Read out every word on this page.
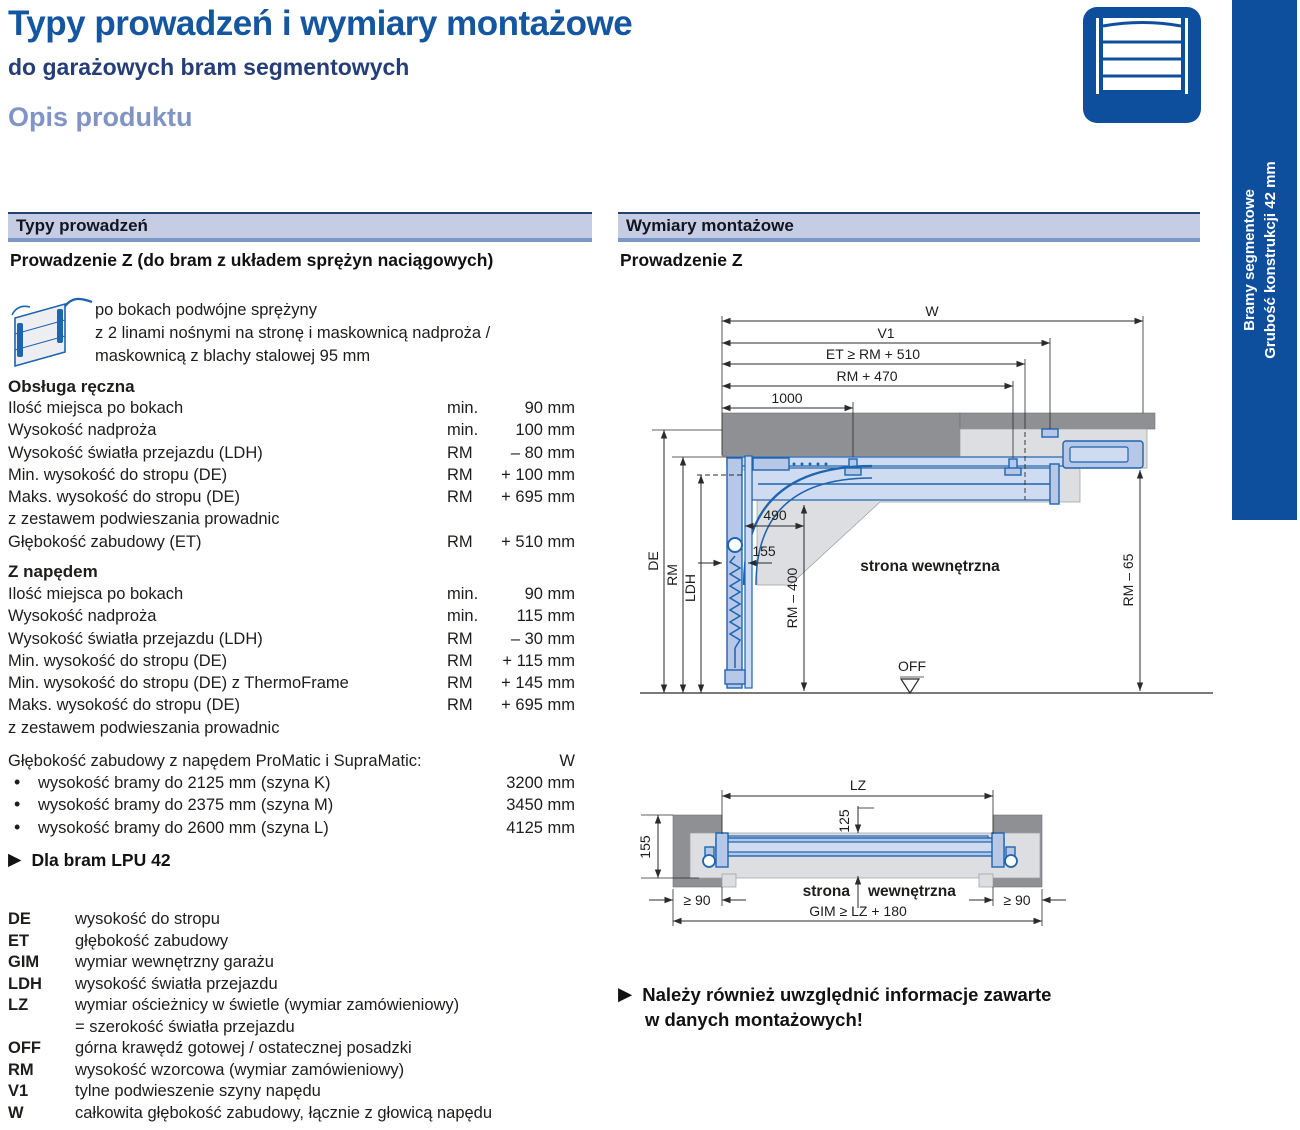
Typy prowadzeń i wymiary montażowe
do garażowych bram segmentowych
Opis produktu
Bramy segmentowe Grubość konstrukcji 42 mm
Typy prowadzeń
Prowadzenie Z (do bram z układem sprężyn naciągowych)
po bokach podwójne sprężyny
z 2 linami nośnymi na stronę i maskownicą nadproża /
maskownicą z blachy stalowej 95 mm
Obsługa ręczna
Ilość miejsca po bokach	min.	90 mm
Wysokość nadproża	min.	100 mm
Wysokość światła przejazdu (LDH)	RM	– 80 mm
Min. wysokość do stropu (DE)	RM	+ 100 mm
Maks. wysokość do stropu (DE)	RM	+ 695 mm
z zestawem podwieszania prowadnic
Głębokość zabudowy (ET)	RM	+ 510 mm
Z napędem
Ilość miejsca po bokach	min.	90 mm
Wysokość nadproża	min.	115 mm
Wysokość światła przejazdu (LDH)	RM	– 30 mm
Min. wysokość do stropu (DE)	RM	+ 115 mm
Min. wysokość do stropu (DE) z ThermoFrame	RM	+ 145 mm
Maks. wysokość do stropu (DE)	RM	+ 695 mm
z zestawem podwieszania prowadnic
Głębokość zabudowy z napędem ProMatic i SupraMatic:	W
• wysokość bramy do 2125 mm (szyna K)	3200 mm
• wysokość bramy do 2375 mm (szyna M)	3450 mm
• wysokość bramy do 2600 mm (szyna L)	4125 mm
▶ Dla bram LPU 42
DE	wysokość do stropu
ET	głębokość zabudowy
GIM wymiar wewnętrzny garażu
LDH wysokość światła przejazdu
LZ	wymiar ościeżnicy w świetle (wymiar zamówieniowy)
= szerokość światła przejazdu
OFF górna krawędź gotowej / ostatecznej posadzki
RM	wysokość wzorcowa (wymiar zamówieniowy)
V1	tylne podwieszenie szyny napędu
W	całkowita głębokość zabudowy, łącznie z głowicą napędu
Wymiary montażowe
Prowadzenie Z
W
V1
ET ≥ RM + 510
RM + 470
1000
490
155
DE
RM LDH	RM – 400	RM – 65
OFF
strona wewnętrzna
LZ
125
155
≥ 90	≥ 90
GIM ≥ LZ + 180
strona wewnętrzna
▶ Należy również uwzględnić informacje zawarte
w danych montażowych!
